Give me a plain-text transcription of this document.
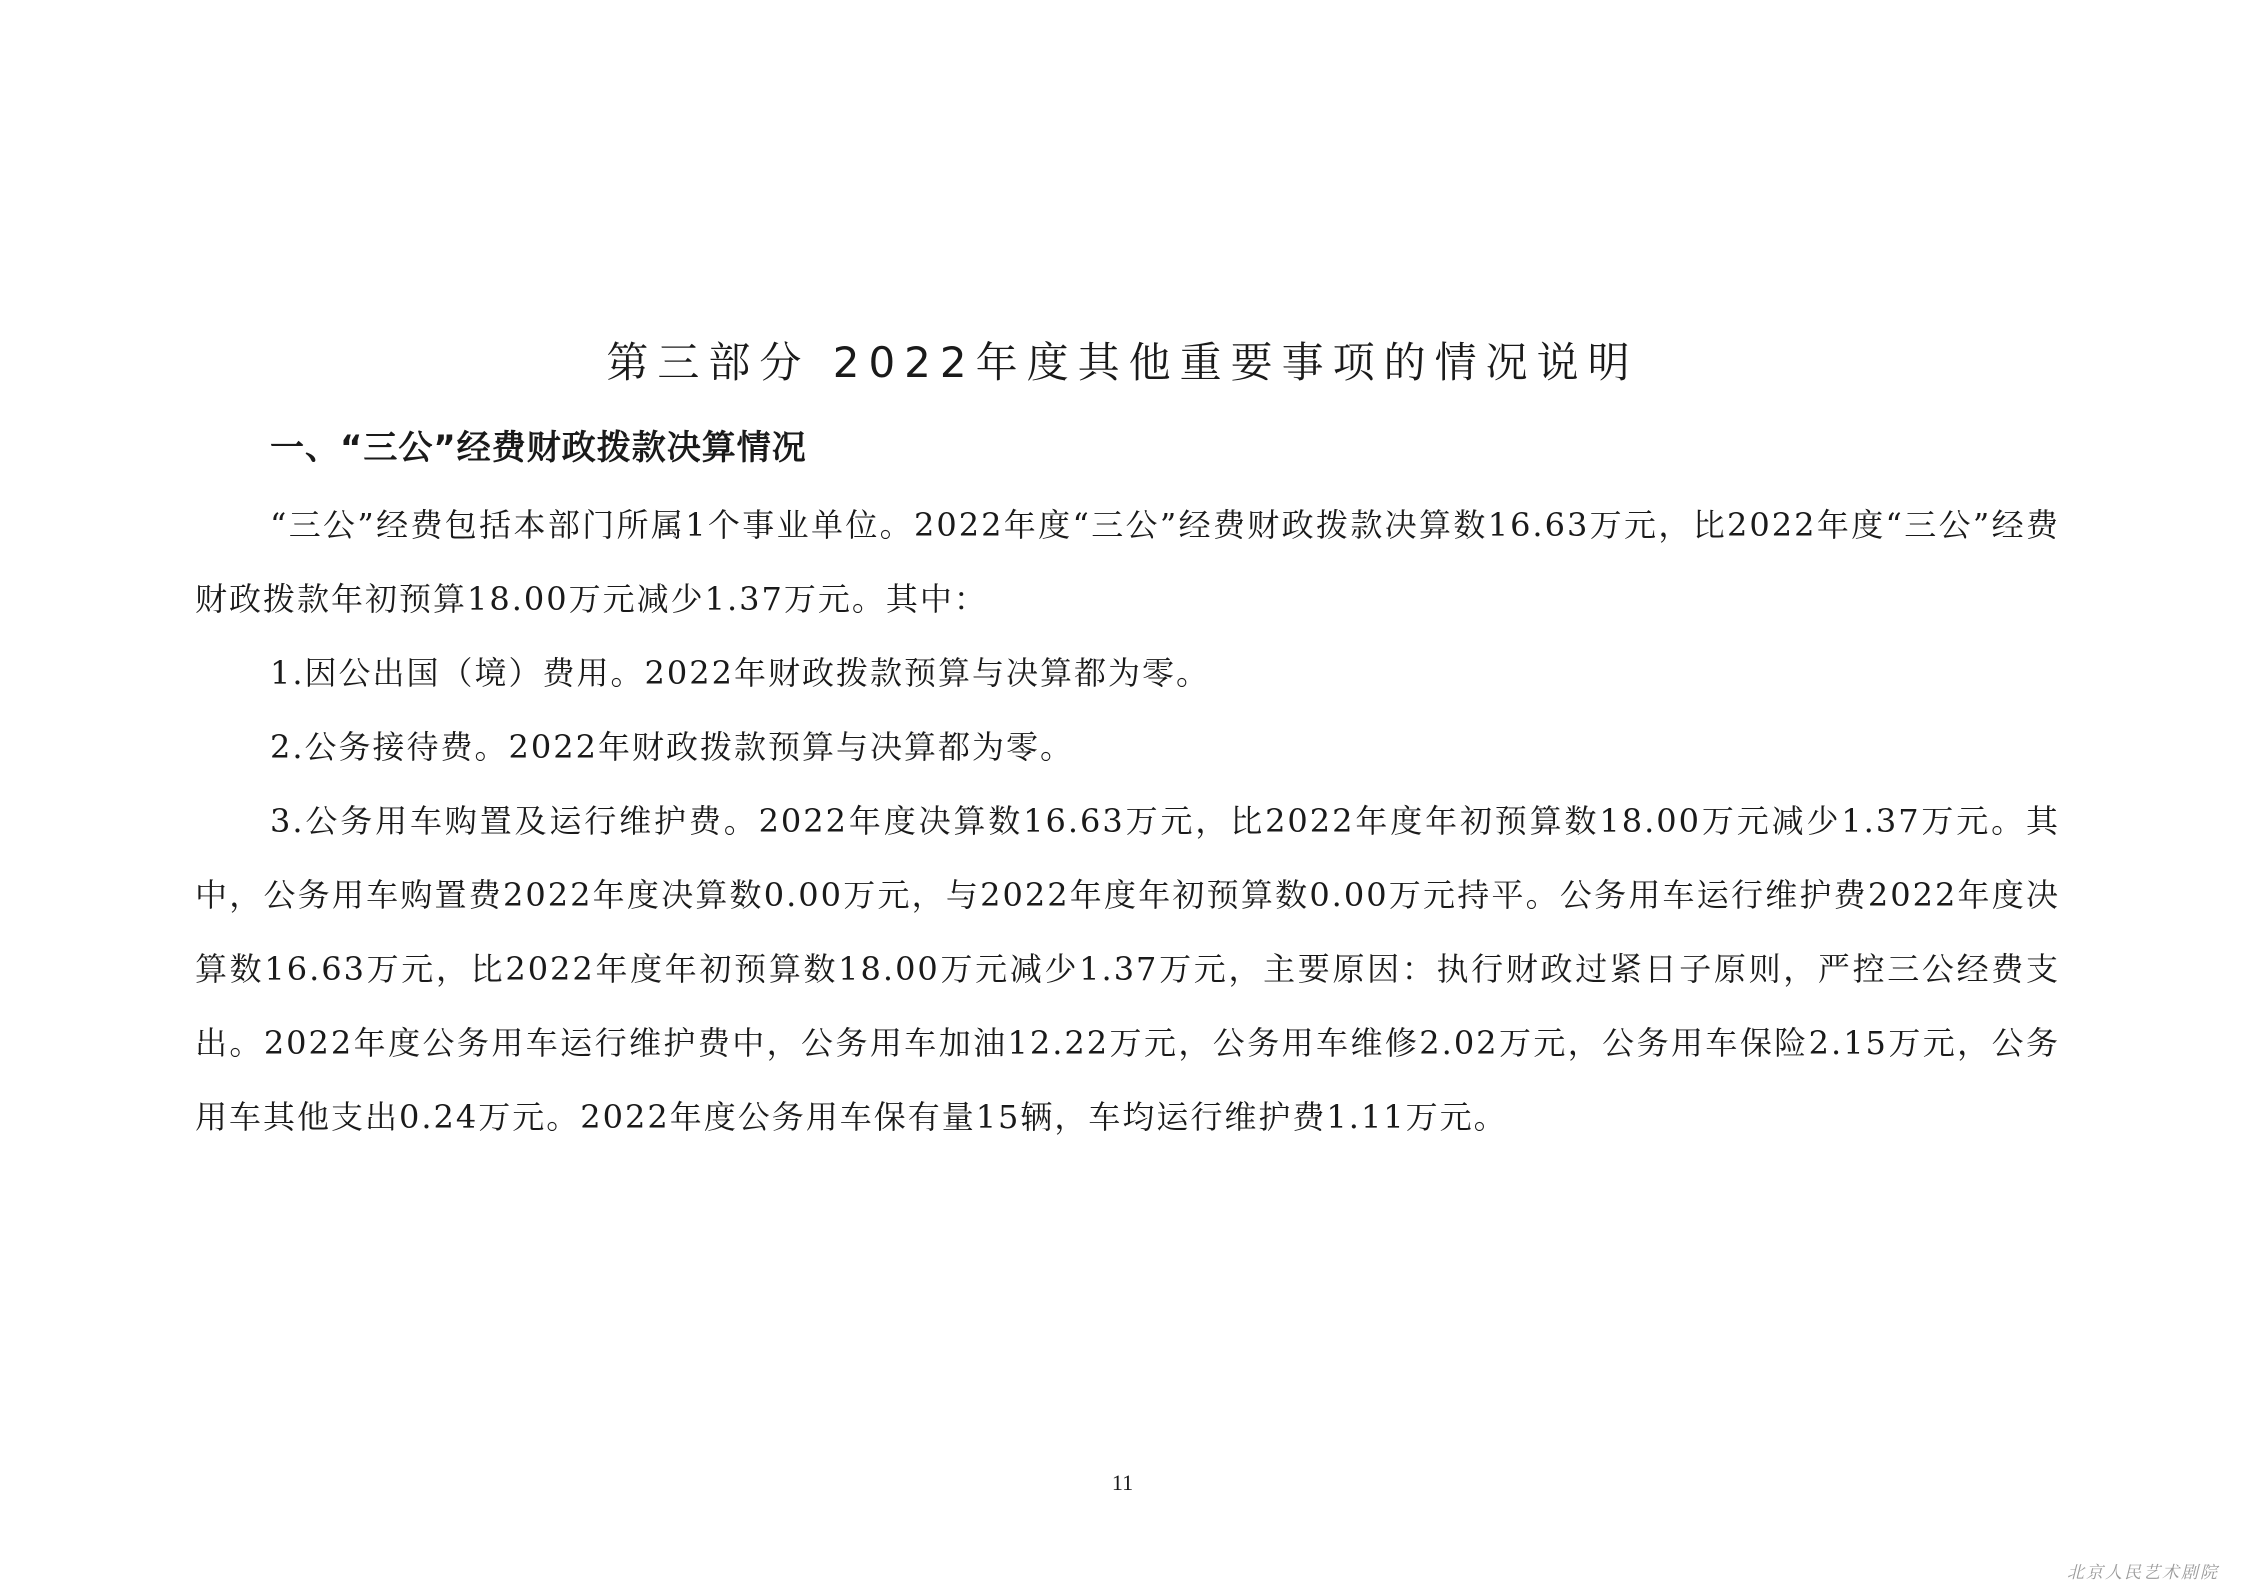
第三部分 2022年度其他重要事项的情况说明
一、“三公”经费财政拨款决算情况
“三公”经费包括本部门所属1个事业单位。2022年度“三公”经费财政拨款决算数16.63万元，比2022年度“三公”经费财政拨款年初预算18.00万元减少1.37万元。其中：
1.因公出国（境）费用。2022年财政拨款预算与决算都为零。
2.公务接待费。2022年财政拨款预算与决算都为零。
3.公务用车购置及运行维护费。2022年度决算数16.63万元，比2022年度年初预算数18.00万元减少1.37万元。其中，公务用车购置费2022年度决算数0.00万元，与2022年度年初预算数0.00万元持平。公务用车运行维护费2022年度决算数16.63万元，比2022年度年初预算数18.00万元减少1.37万元，主要原因：执行财政过紧日子原则，严控三公经费支出。2022年度公务用车运行维护费中，公务用车加油12.22万元，公务用车维修2.02万元，公务用车保险2.15万元，公务用车其他支出0.24万元。2022年度公务用车保有量15辆，车均运行维护费1.11万元。
11
北京人民艺术剧院
